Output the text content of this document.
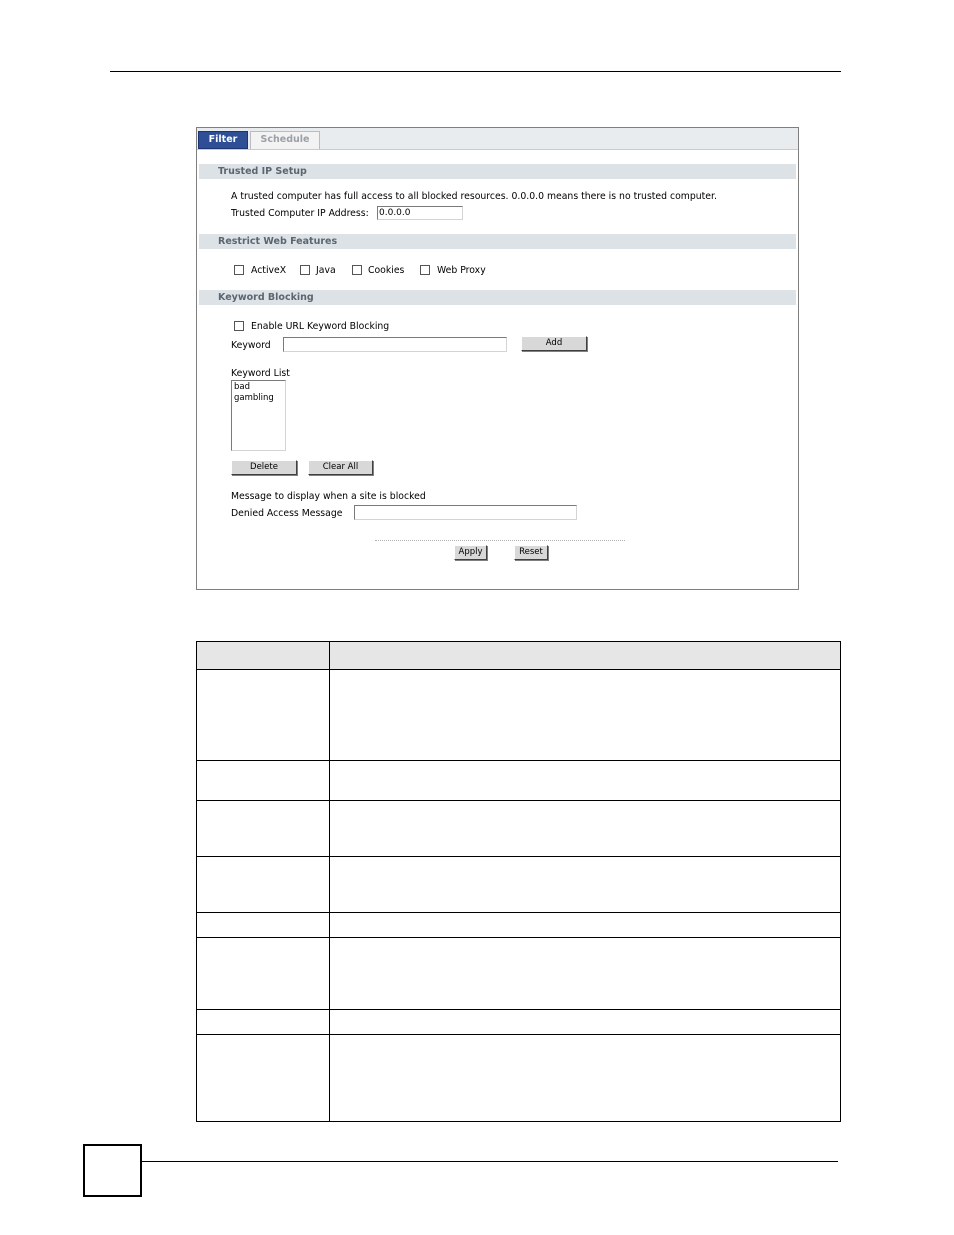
Filter	Schedule
Trusted IP Setup
A trusted computer has full access to all blocked resources. 0.0.0.0 means there is no trusted computer.
Trusted Computer IP Address:
0.0.0.0
Restrict Web Features
ActiveX	Java	Cookies	Web Proxy
Keyword Blocking
Enable URL Keyword Blocking
Keyword	Add
Keyword List
bad
gambling
Delete	Clear All
Message to display when a site is blocked
Denied Access Message
Apply	Reset
